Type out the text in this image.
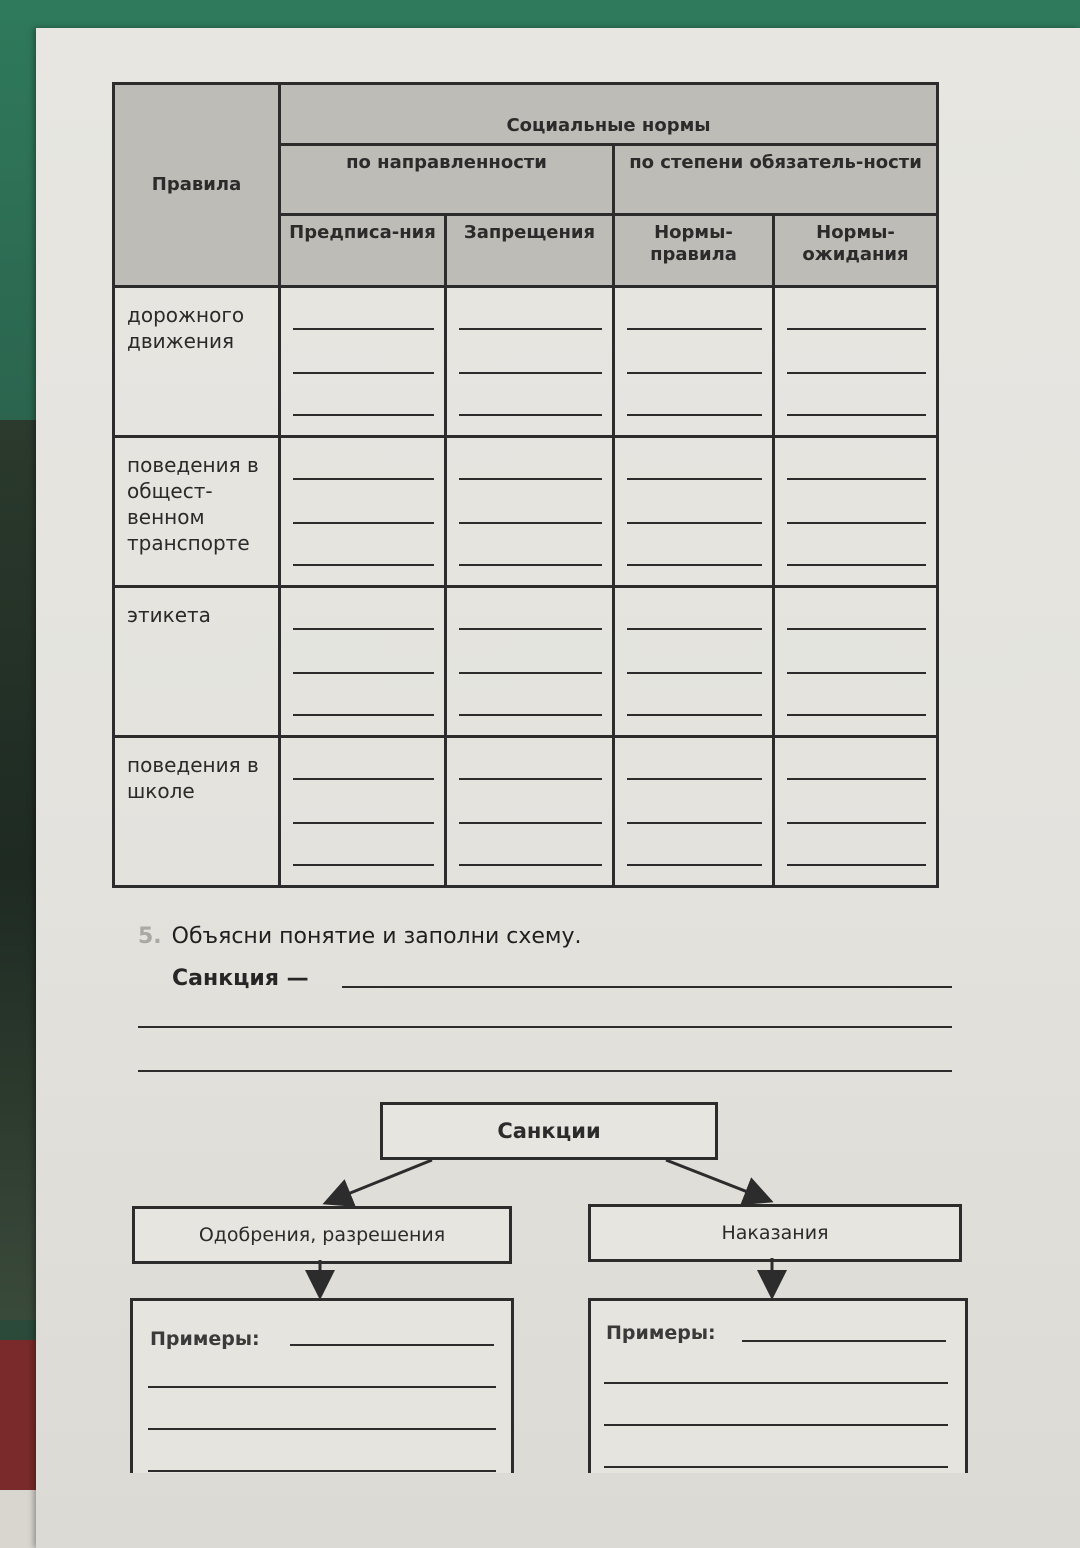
Правила	Социальные нормы			

	по направленности		по степени обязатель-ности	

	Предписа-ния	Запрещения	Нормы-правила	Нормы-ожидания

дорожного движения	

поведения в общест-венном транспорте	

этикета	

поведения в школе	

5. Объясни понятие и заполни схему.
Санкция —
Санкции
Одобрения, разрешения	Наказания
Примеры:	Примеры:
